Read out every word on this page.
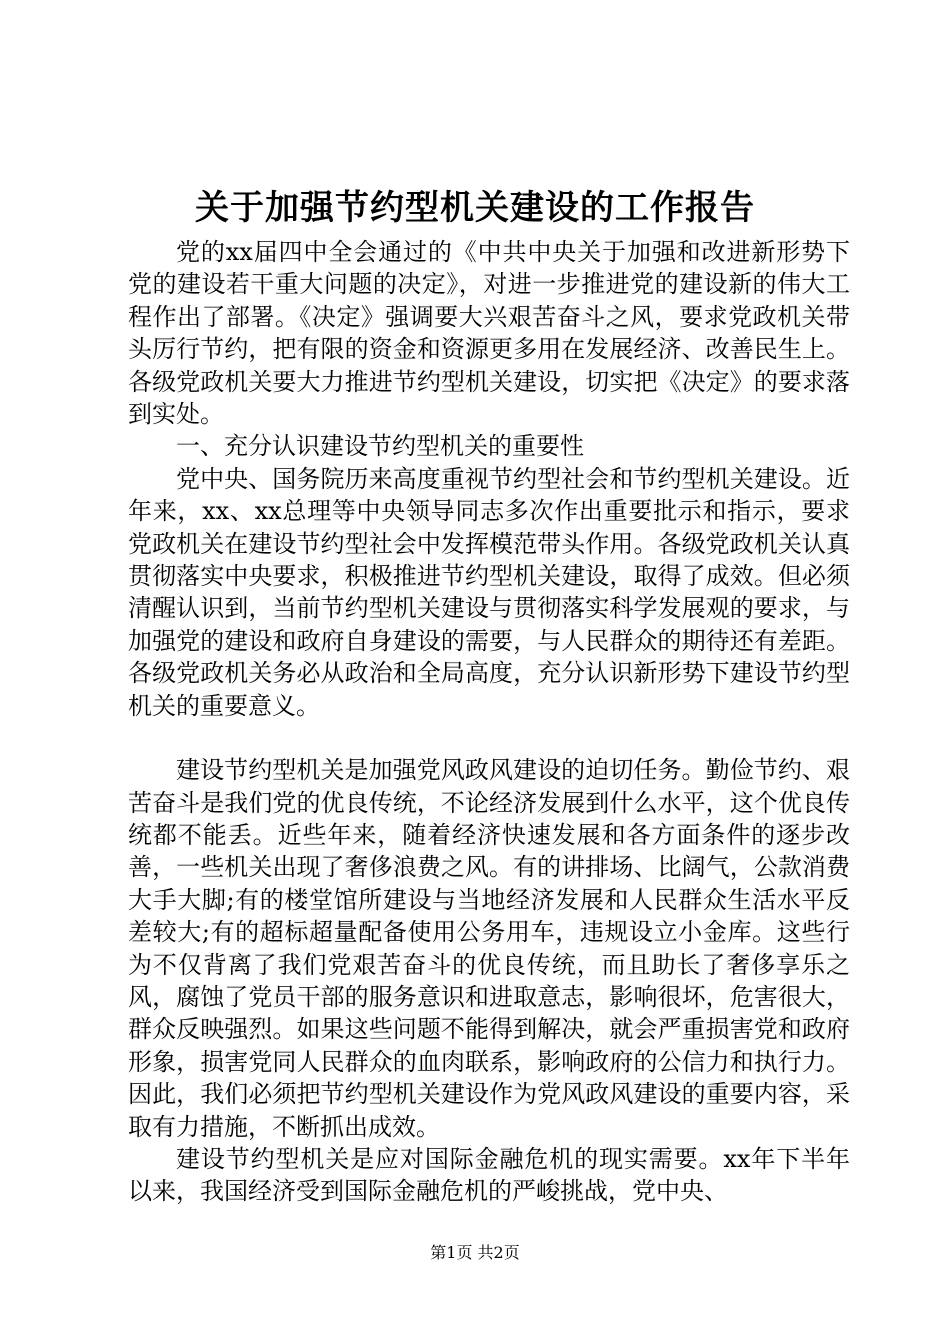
关于加强节约型机关建设的工作报告

党的xx届四中全会通过的《中共中央关于加强和改进新形势下党的建设若干重大问题的决定》，对进一步推进党的建设新的伟大工程作出了部署。《决定》强调要大兴艰苦奋斗之风，要求党政机关带头厉行节约，把有限的资金和资源更多用在发展经济、改善民生上。各级党政机关要大力推进节约型机关建设，切实把《决定》的要求落到实处。

一、充分认识建设节约型机关的重要性

党中央、国务院历来高度重视节约型社会和节约型机关建设。近年来，xx、xx总理等中央领导同志多次作出重要批示和指示，要求党政机关在建设节约型社会中发挥模范带头作用。各级党政机关认真贯彻落实中央要求，积极推进节约型机关建设，取得了成效。但必须清醒认识到，当前节约型机关建设与贯彻落实科学发展观的要求，与加强党的建设和政府自身建设的需要，与人民群众的期待还有差距。各级党政机关务必从政治和全局高度，充分认识新形势下建设节约型机关的重要意义。

建设节约型机关是加强党风政风建设的迫切任务。勤俭节约、艰苦奋斗是我们党的优良传统，不论经济发展到什么水平，这个优良传统都不能丢。近些年来，随着经济快速发展和各方面条件的逐步改善，一些机关出现了奢侈浪费之风。有的讲排场、比阔气，公款消费大手大脚;有的楼堂馆所建设与当地经济发展和人民群众生活水平反差较大;有的超标超量配备使用公务用车，违规设立小金库。这些行为不仅背离了我们党艰苦奋斗的优良传统，而且助长了奢侈享乐之风，腐蚀了党员干部的服务意识和进取意志，影响很坏，危害很大，群众反映强烈。如果这些问题不能得到解决，就会严重损害党和政府形象，损害党同人民群众的血肉联系，影响政府的公信力和执行力。因此，我们必须把节约型机关建设作为党风政风建设的重要内容，采取有力措施，不断抓出成效。

建设节约型机关是应对国际金融危机的现实需要。xx年下半年以来，我国经济受到国际金融危机的严峻挑战，党中央、

第1页 共2页
